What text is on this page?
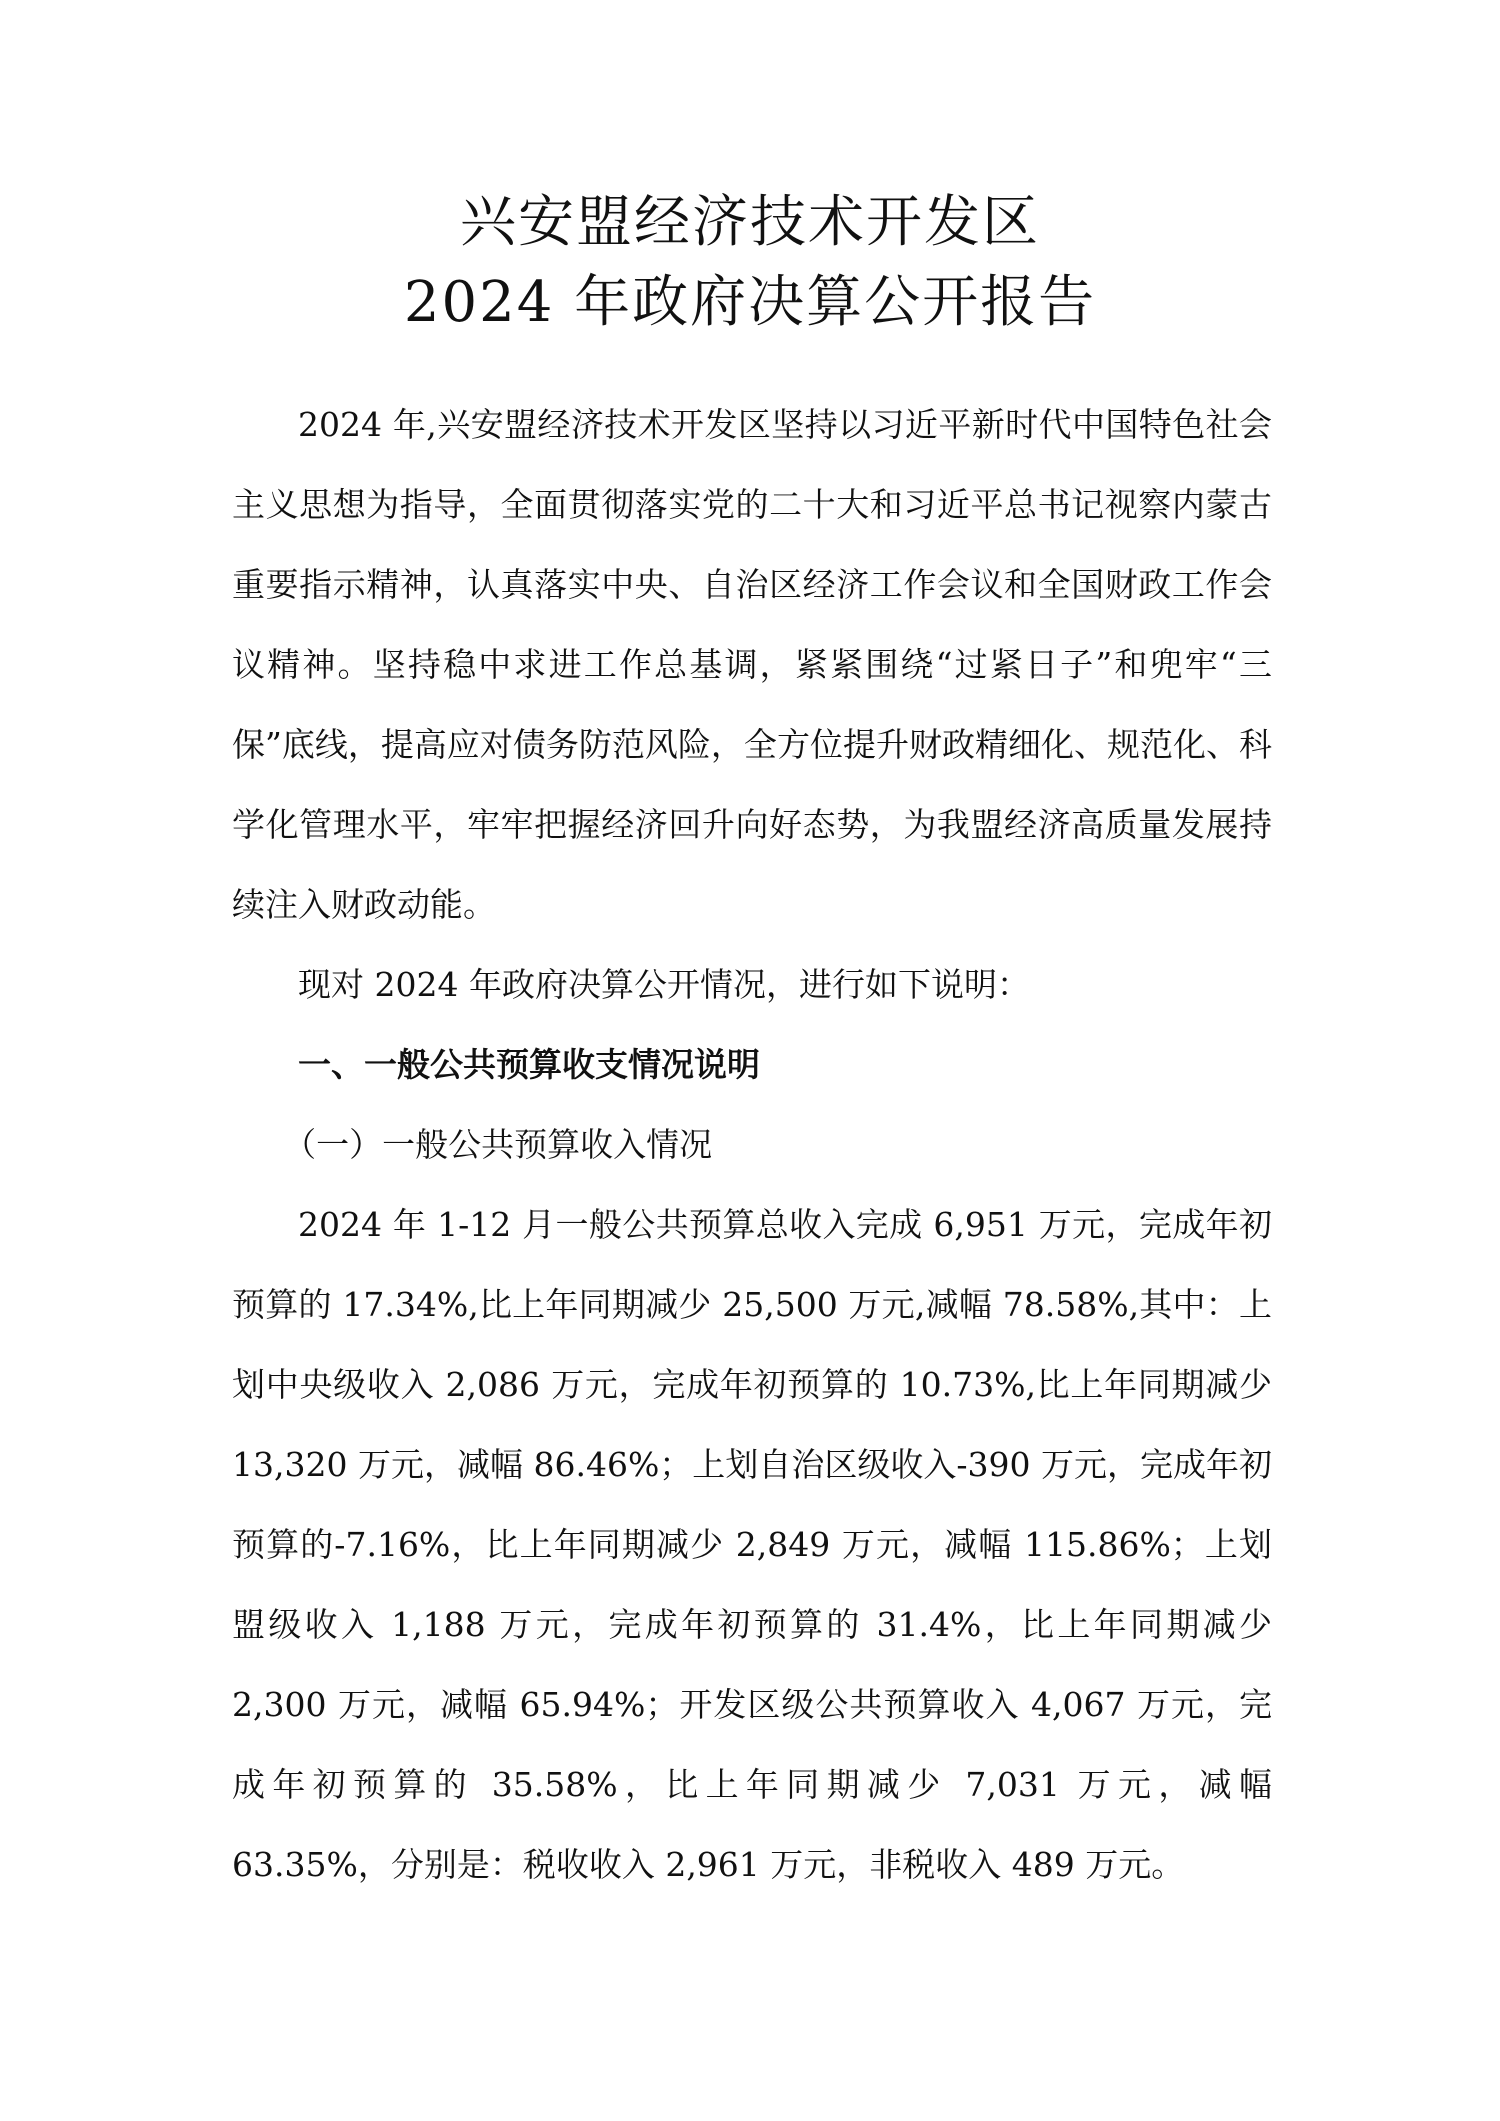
兴安盟经济技术开发区
2024 年政府决算公开报告

2024 年,兴安盟经济技术开发区坚持以习近平新时代中国特色社会主义思想为指导，全面贯彻落实党的二十大和习近平总书记视察内蒙古重要指示精神，认真落实中央、自治区经济工作会议和全国财政工作会议精神。坚持稳中求进工作总基调，紧紧围绕“过紧日子”和兜牢“三保”底线，提高应对债务防范风险，全方位提升财政精细化、规范化、科学化管理水平，牢牢把握经济回升向好态势，为我盟经济高质量发展持续注入财政动能。

现对 2024 年政府决算公开情况，进行如下说明：

一、一般公共预算收支情况说明

（一）一般公共预算收入情况

2024 年 1-12 月一般公共预算总收入完成 6,951 万元，完成年初预算的 17.34%,比上年同期减少 25,500 万元,减幅 78.58%,其中：上划中央级收入 2,086 万元，完成年初预算的 10.73%,比上年同期减少 13,320 万元，减幅 86.46%；上划自治区级收入-390 万元，完成年初预算的-7.16%，比上年同期减少 2,849 万元，减幅 115.86%；上划盟级收入 1,188 万元，完成年初预算的 31.4%，比上年同期减少 2,300 万元，减幅 65.94%；开发区级公共预算收入 4,067 万元，完成年初预算的 35.58%，比上年同期减少 7,031 万元，减幅 63.35%，分别是：税收收入 2,961 万元，非税收入 489 万元。
